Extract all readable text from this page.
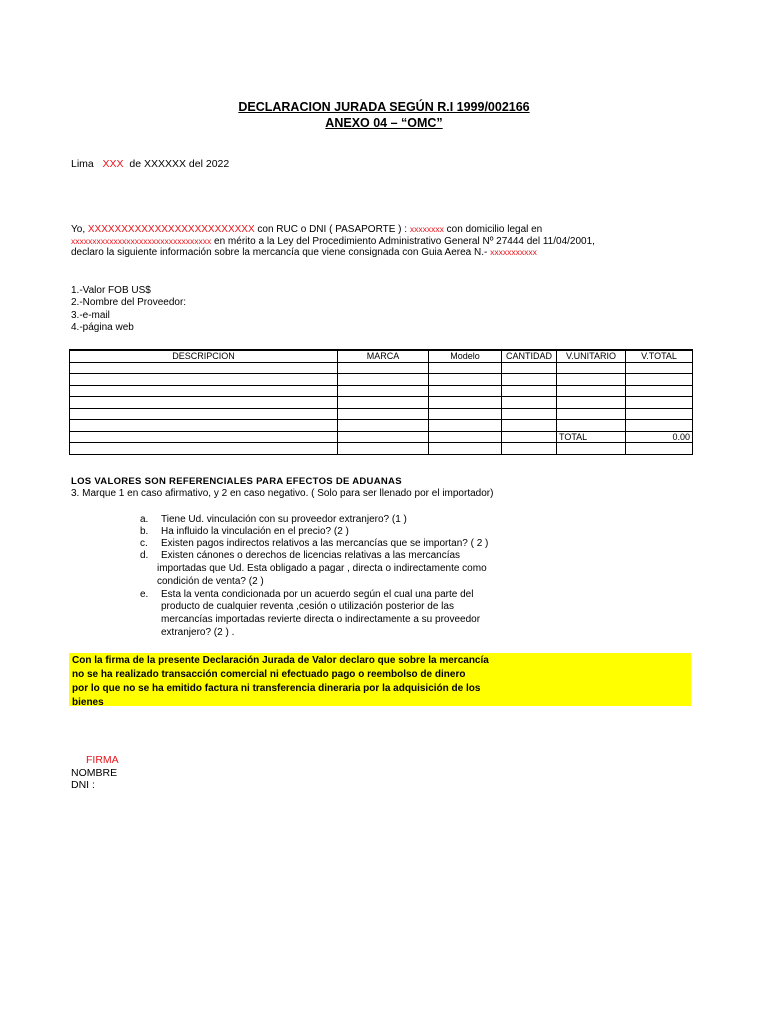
DECLARACION JURADA SEGÚN R.I 1999/002166
ANEXO 04 – “OMC”
Lima XXX de XXXXXX del 2022
Yo, XXXXXXXXXXXXXXXXXXXXXXXXX con RUC o DNI ( PASAPORTE ) : xxxxxxxx con domicilio legal en
xxxxxxxxxxxxxxxxxxxxxxxxxxxxxxxxx en mérito a la Ley del Procedimiento Administrativo General Nº 27444 del 11/04/2001,
declaro la siguiente información sobre la mercancía que viene consignada con Guia Aerea N.- xxxxxxxxxxx
1.-Valor FOB US$
2.-Nombre del Proveedor:
3.-e-mail
4.-página web
DESCRIPCION	MARCA	Modelo	CANTIDAD	V.UNITARIO	V.TOTAL

				TOTAL	0.00

LOS VALORES SON REFERENCIALES PARA EFECTOS DE ADUANAS
3. Marque 1 en caso afirmativo, y 2 en caso negativo. ( Solo para ser llenado por el importador)
a. Tiene Ud. vinculación con su proveedor extranjero? (1 )
b. Ha influido la vinculación en el precio? (2 )
c. Existen pagos indirectos relativos a las mercancías que se importan? ( 2 )
d. Existen cánones o derechos de licencias relativas a las mercancías
importadas que Ud. Esta obligado a pagar , directa o indirectamente como
condición de venta? (2 )
e. Esta la venta condicionada por un acuerdo según el cual una parte del
producto de cualquier reventa ,cesión o utilización posterior de las
mercancías importadas revierte directa o indirectamente a su proveedor
extranjero? (2 ) .
Con la firma de la presente Declaración Jurada de Valor declaro que sobre la mercancía
no se ha realizado transacción comercial ni efectuado pago o reembolso de dinero
por lo que no se ha emitido factura ni transferencia dineraria por la adquisición de los
bienes
FIRMA
NOMBRE
DNI :
